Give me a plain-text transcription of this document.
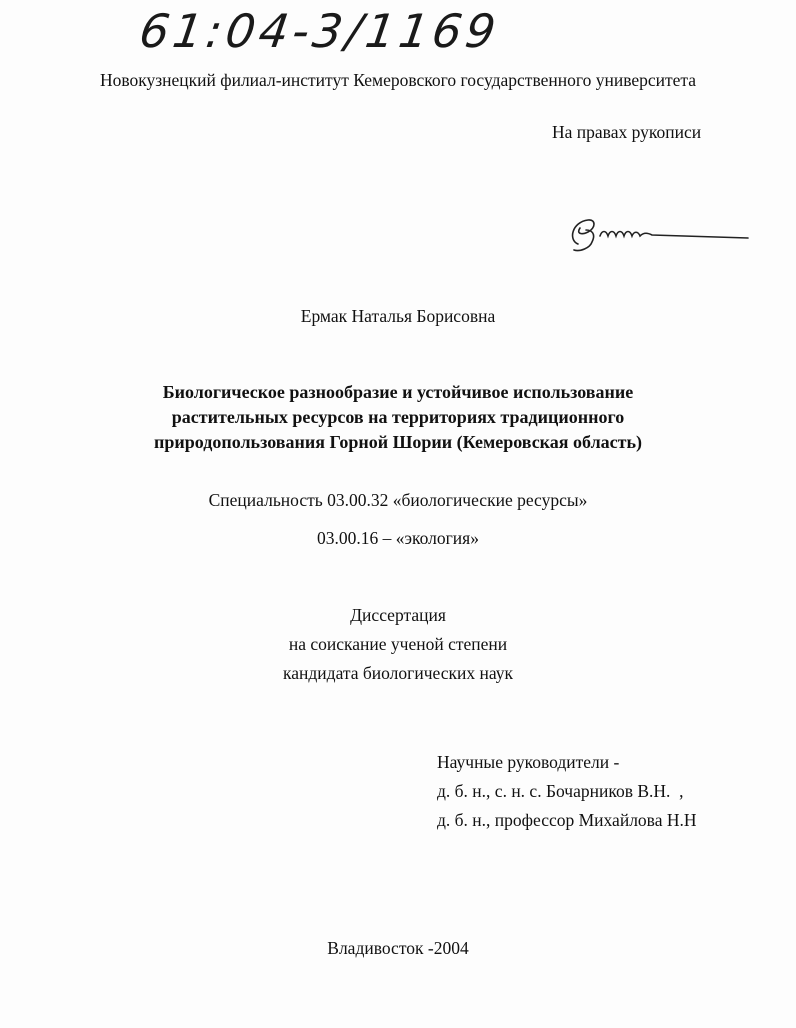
61:04-3/1169
Новокузнецкий филиал-институт Кемеровского государственного университета
На правах рукописи
Ермак Наталья Борисовна
Биологическое разнообразие и устойчивое использование
растительных ресурсов на территориях традиционного
природопользования Горной Шории (Кемеровская область)
Специальность 03.00.32 «биологические ресурсы»
03.00.16 – «экология»
Диссертация
на соискание ученой степени
кандидата биологических наук
Научные руководители -
д. б. н., с. н. с. Бочарников В.Н.  ,
д. б. н., профессор Михайлова Н.Н
Владивосток -2004
